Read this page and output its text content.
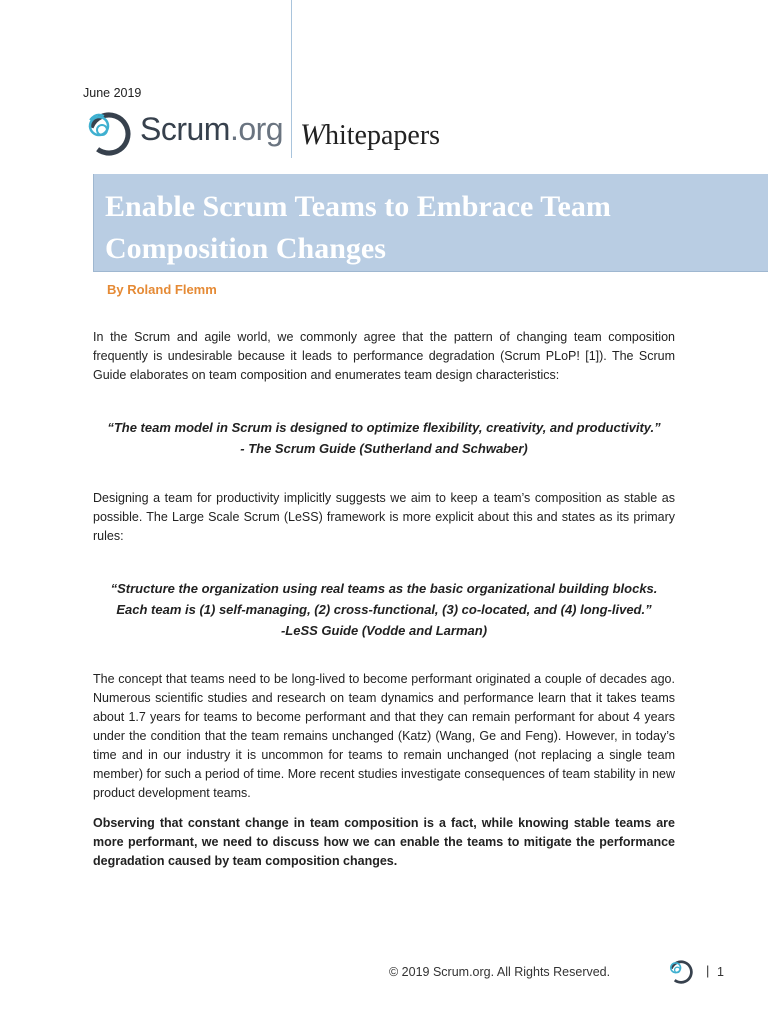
June 2019
Scrum.org Whitepapers
Enable Scrum Teams to Embrace Team
Composition Changes
By Roland Flemm

In the Scrum and agile world, we commonly agree that the pattern of changing team composition frequently is undesirable because it leads to performance degradation (Scrum PLoP! [1]). The Scrum Guide elaborates on team composition and enumerates team design characteristics:

“The team model in Scrum is designed to optimize flexibility, creativity, and productivity.”
- The Scrum Guide (Sutherland and Schwaber)

Designing a team for productivity implicitly suggests we aim to keep a team’s composition as stable as possible. The Large Scale Scrum (LeSS) framework is more explicit about this and states as its primary rules:

“Structure the organization using real teams as the basic organizational building blocks.
Each team is (1) self-managing, (2) cross-functional, (3) co-located, and (4) long-lived.”
-LeSS Guide (Vodde and Larman)

The concept that teams need to be long-lived to become performant originated a couple of decades ago. Numerous scientific studies and research on team dynamics and performance learn that it takes teams about 1.7 years for teams to become performant and that they can remain performant for about 4 years under the condition that the team remains unchanged (Katz) (Wang, Ge and Feng). However, in today’s time and in our industry it is uncommon for teams to remain unchanged (not replacing a single team member) for such a period of time. More recent studies investigate consequences of team stability in new product development teams.

Observing that constant change in team composition is a fact, while knowing stable teams are more performant, we need to discuss how we can enable the teams to mitigate the performance degradation caused by team composition changes.

© 2019 Scrum.org. All Rights Reserved.	| 1
